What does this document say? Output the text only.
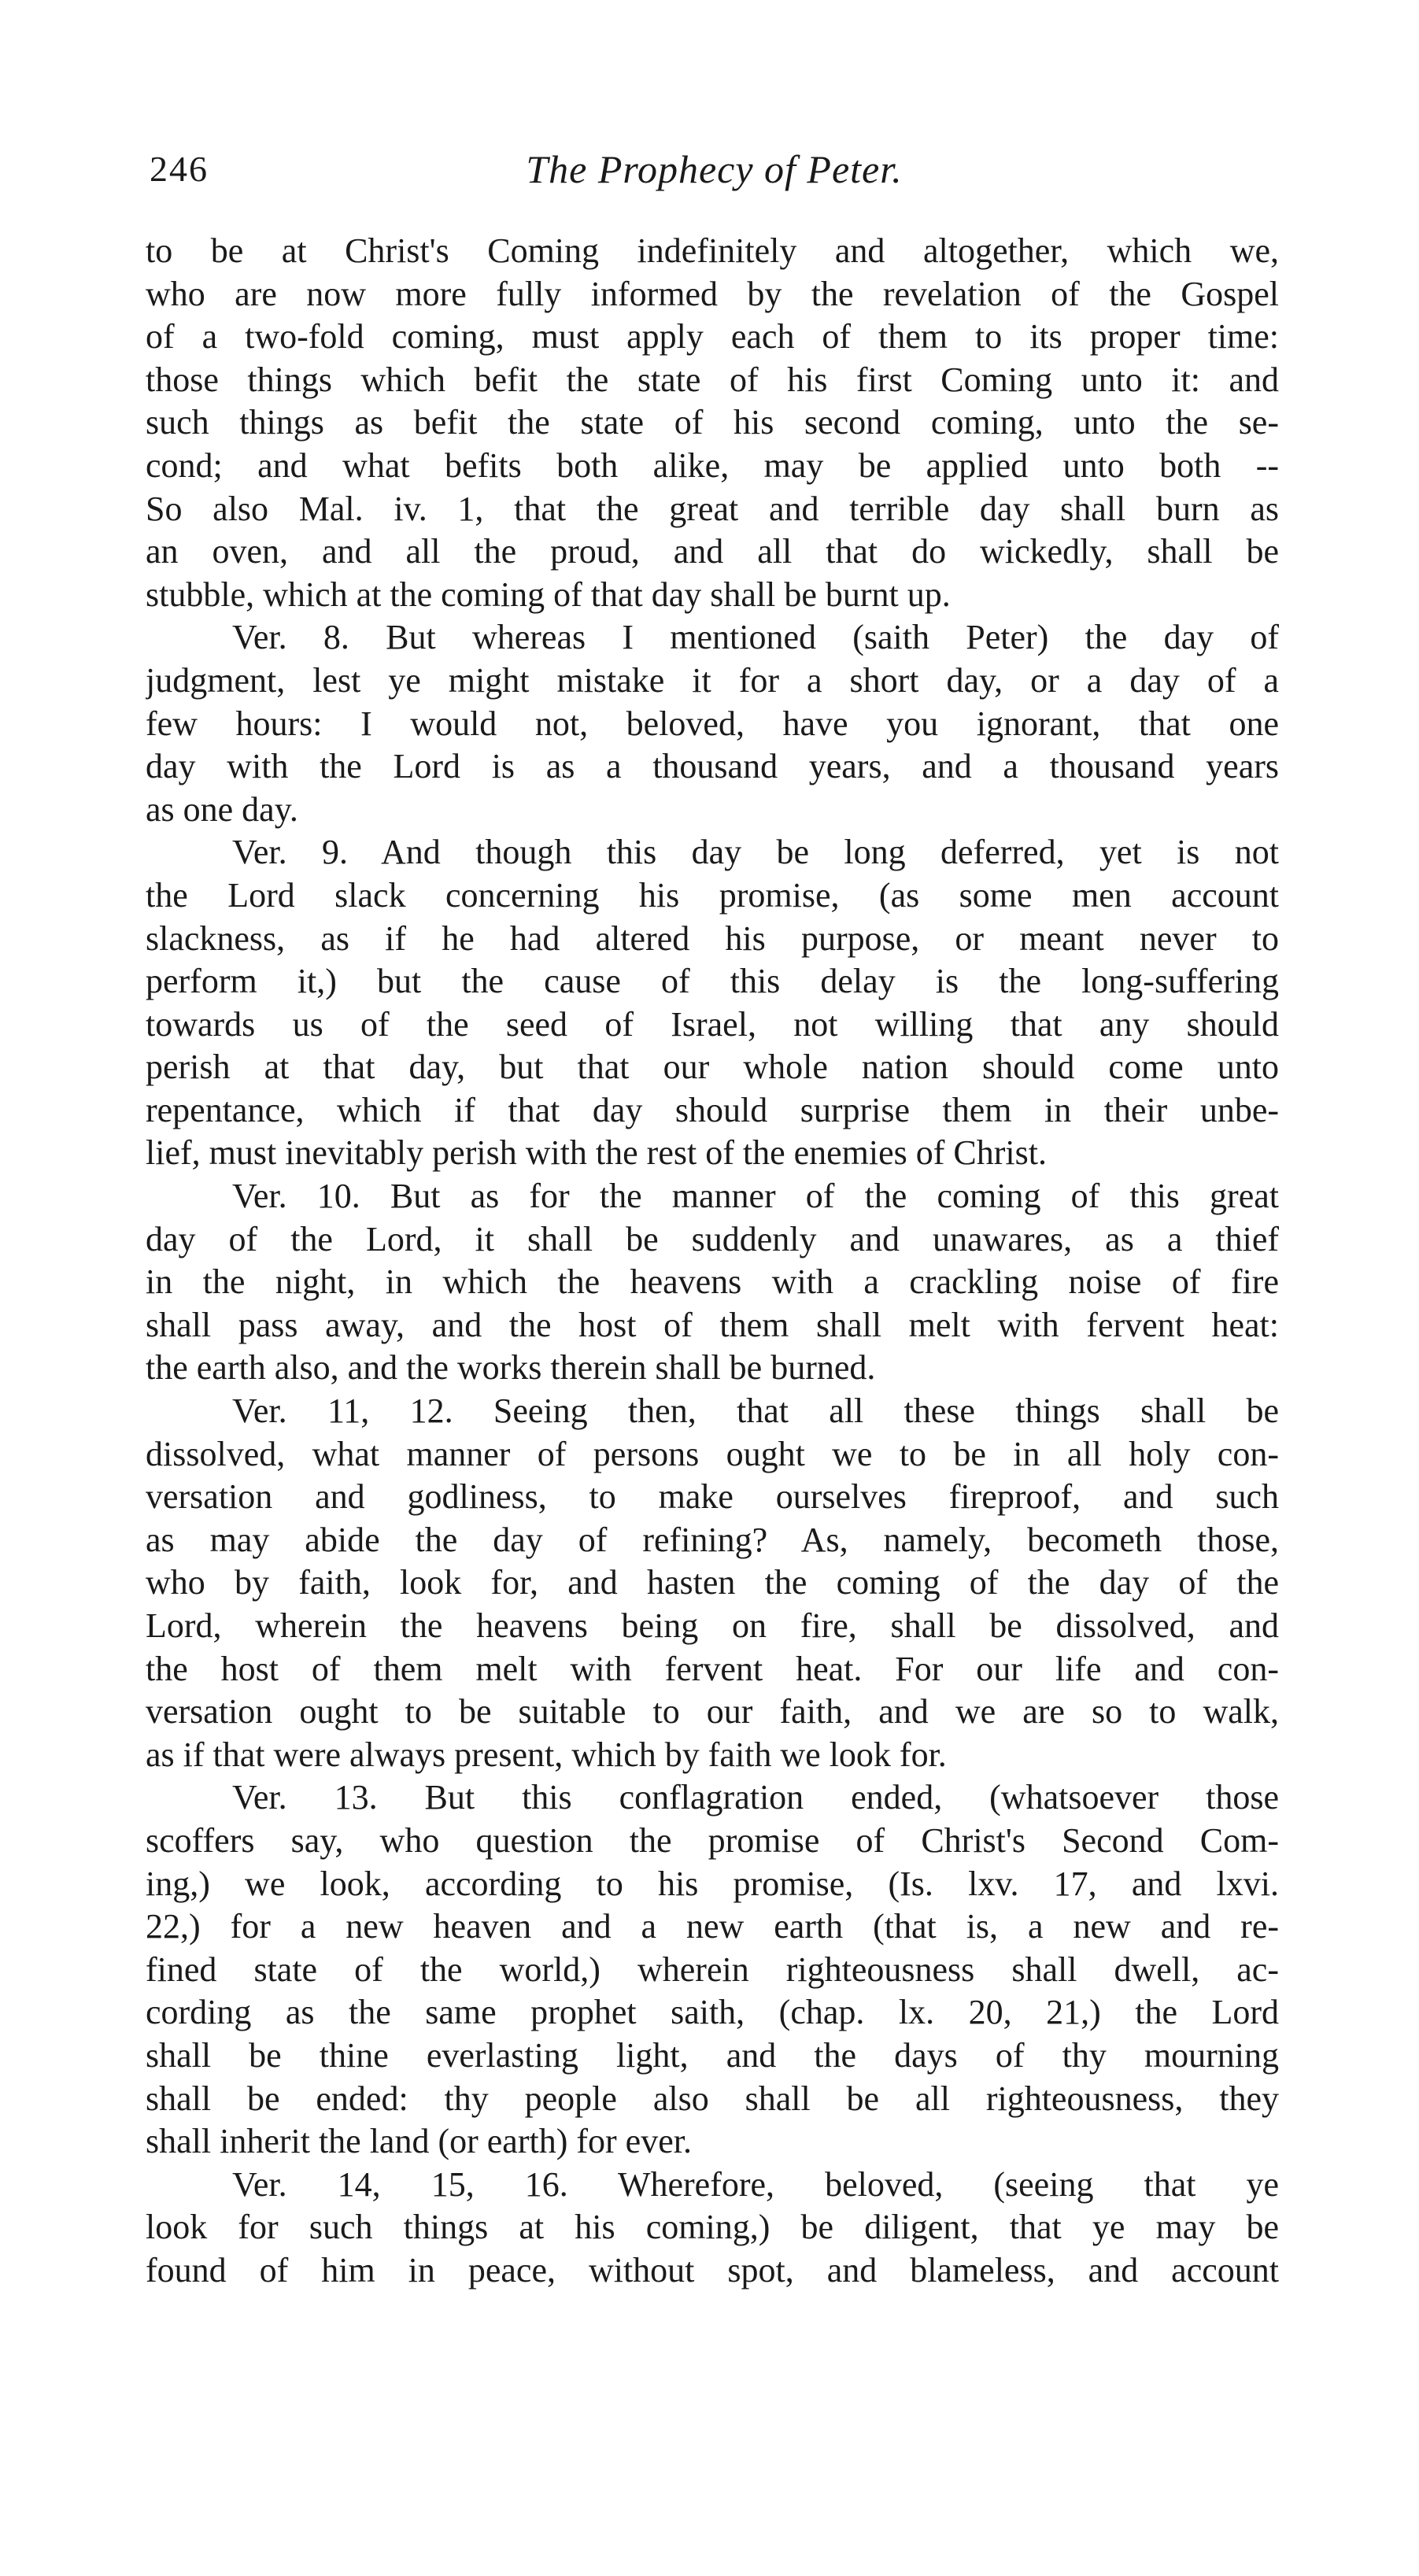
246	The Prophecy of Peter.
to be at Christ's Coming indefinitely and altogether, which we,
who are now more fully informed by the revelation of the Gospel
of a two-fold coming, must apply each of them to its proper time:
those things which befit the state of his first Coming unto it: and
such things as befit the state of his second coming, unto the se-
cond; and what befits both alike, may be applied unto both --
So also Mal. iv. 1, that the great and terrible day shall burn as
an oven, and all the proud, and all that do wickedly, shall be
stubble, which at the coming of that day shall be burnt up.
Ver. 8. But whereas I mentioned (saith Peter) the day of
judgment, lest ye might mistake it for a short day, or a day of a
few hours: I would not, beloved, have you ignorant, that one
day with the Lord is as a thousand years, and a thousand years
as one day.
Ver. 9. And though this day be long deferred, yet is not
the Lord slack concerning his promise, (as some men account
slackness, as if he had altered his purpose, or meant never to
perform it,) but the cause of this delay is the long-suffering
towards us of the seed of Israel, not willing that any should
perish at that day, but that our whole nation should come unto
repentance, which if that day should surprise them in their unbe-
lief, must inevitably perish with the rest of the enemies of Christ.
Ver. 10. But as for the manner of the coming of this great
day of the Lord, it shall be suddenly and unawares, as a thief
in the night, in which the heavens with a crackling noise of fire
shall pass away, and the host of them shall melt with fervent heat:
the earth also, and the works therein shall be burned.
Ver. 11, 12. Seeing then, that all these things shall be
dissolved, what manner of persons ought we to be in all holy con-
versation and godliness, to make ourselves fireproof, and such
as may abide the day of refining? As, namely, becometh those,
who by faith, look for, and hasten the coming of the day of the
Lord, wherein the heavens being on fire, shall be dissolved, and
the host of them melt with fervent heat. For our life and con-
versation ought to be suitable to our faith, and we are so to walk,
as if that were always present, which by faith we look for.
Ver. 13. But this conflagration ended, (whatsoever those
scoffers say, who question the promise of Christ's Second Com-
ing,) we look, according to his promise, (Is. lxv. 17, and lxvi.
22,) for a new heaven and a new earth (that is, a new and re-
fined state of the world,) wherein righteousness shall dwell, ac-
cording as the same prophet saith, (chap. lx. 20, 21,) the Lord
shall be thine everlasting light, and the days of thy mourning
shall be ended: thy people also shall be all righteousness, they
shall inherit the land (or earth) for ever.
Ver. 14, 15, 16. Wherefore, beloved, (seeing that ye
look for such things at his coming,) be diligent, that ye may be
found of him in peace, without spot, and blameless, and account
